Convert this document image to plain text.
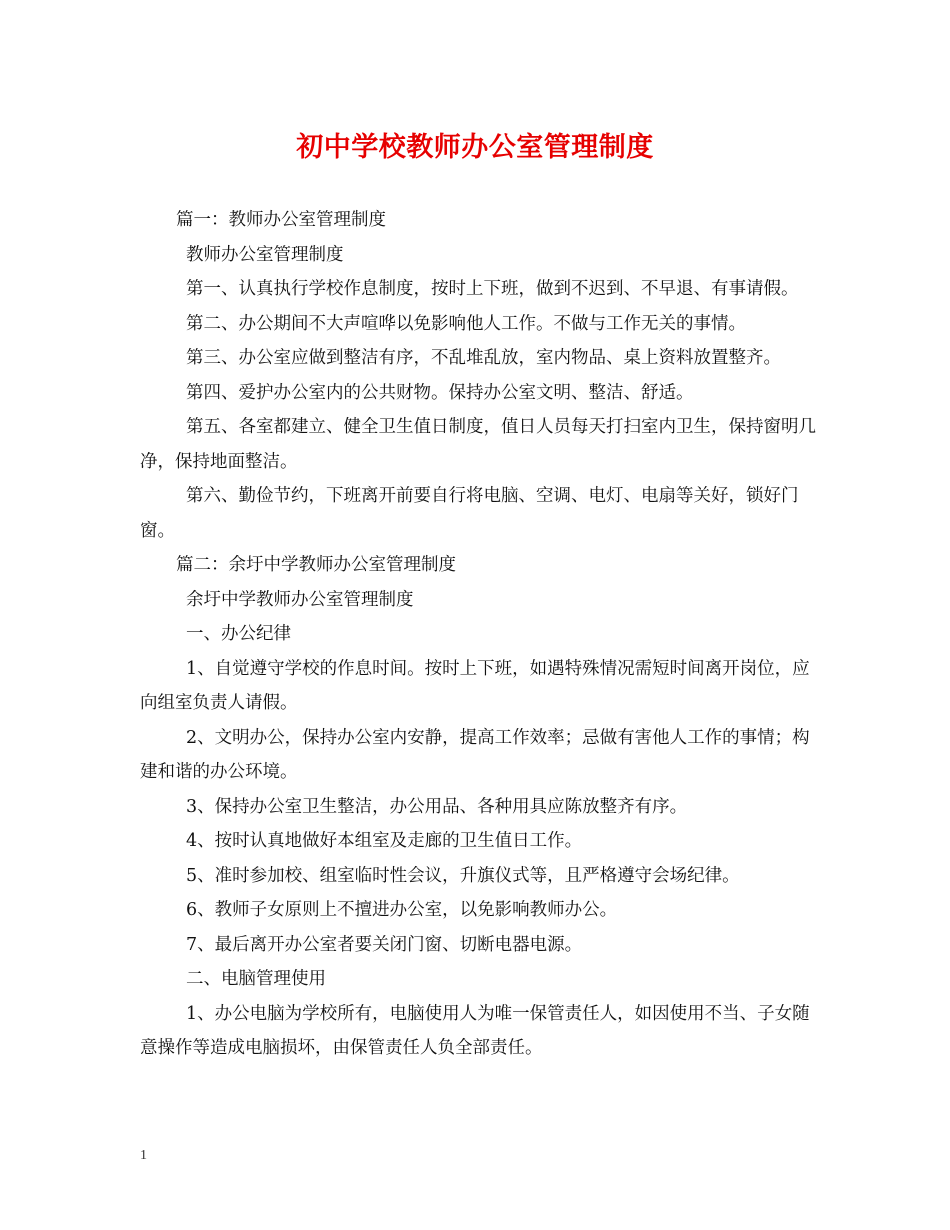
初中学校教师办公室管理制度

篇一：教师办公室管理制度

教师办公室管理制度

第一、认真执行学校作息制度，按时上下班，做到不迟到、不早退、有事请假。

第二、办公期间不大声喧哗以免影响他人工作。不做与工作无关的事情。

第三、办公室应做到整洁有序，不乱堆乱放，室内物品、桌上资料放置整齐。

第四、爱护办公室内的公共财物。保持办公室文明、整洁、舒适。

第五、各室都建立、健全卫生值日制度，值日人员每天打扫室内卫生，保持窗明几净，保持地面整洁。

第六、勤俭节约，下班离开前要自行将电脑、空调、电灯、电扇等关好，锁好门窗。

篇二：余圩中学教师办公室管理制度

余圩中学教师办公室管理制度

一、办公纪律

1、自觉遵守学校的作息时间。按时上下班，如遇特殊情况需短时间离开岗位，应向组室负责人请假。

2、文明办公，保持办公室内安静，提高工作效率；忌做有害他人工作的事情；构建和谐的办公环境。

3、保持办公室卫生整洁，办公用品、各种用具应陈放整齐有序。

4、按时认真地做好本组室及走廊的卫生值日工作。

5、准时参加校、组室临时性会议，升旗仪式等，且严格遵守会场纪律。

6、教师子女原则上不擅进办公室，以免影响教师办公。

7、最后离开办公室者要关闭门窗、切断电器电源。

二、电脑管理使用

1、办公电脑为学校所有，电脑使用人为唯一保管责任人，如因使用不当、子女随意操作等造成电脑损坏，由保管责任人负全部责任。

1
